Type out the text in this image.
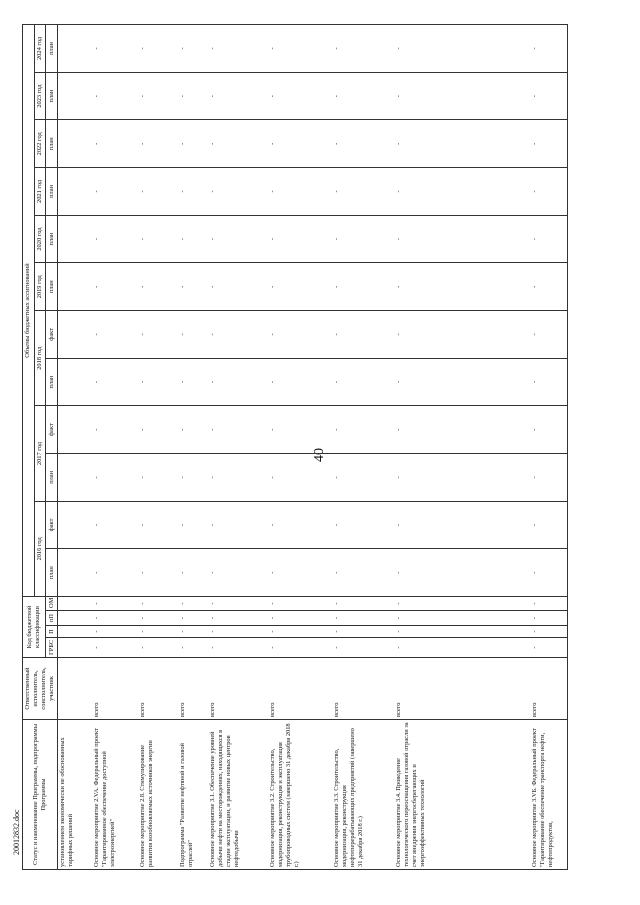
40
20012832.doc Статус и наименование Программы, подпрограммы Программы	Ответственный исполнитель, соисполнитель, участник	Код бюджетной классификации				Объемы бюджетных ассигнований											
						2016 год		2017 год		2018 год		2019 год	2020 год	2021 год	2022 год	2023 год	2024 год
		ГРБС	П	пП	ОМ	план	факт	план	факт	план	факт	план	план	план	план	план	план
установлением экономически не обоснованных тарифных решений																	
Основное мероприятие 2.VA. Федеральный проект "Гарантированное обеспечение доступной электроэнергией"	всего	-	-	-	-	-	-	-	-	-	-	-	-	-	-	-	-
Основное мероприятие 2.8. Стимулирование развития возобновляемых источников энергии	всего	-	-	-	-	-	-	-	-	-	-	-	-	-	-	-	-
Подпрограмма "Развитие нефтяной и газовой отраслей"	всего	-	-	-	-	-	-	-	-	-	-	-	-	-	-	-	-
Основное мероприятие 3.1. Обеспечение уровней добычи нефти на месторождениях, находящихся в стадии эксплуатации, и развитие новых центров нефтедобычи	всего	-	-	-	-	-	-	-	-	-	-	-	-	-	-	-	-
Основное мероприятие 3.2. Строительство, модернизация, реконструкция и эксплуатация трубопроводных систем (завершено 31 декабря 2018 г.)	всего	-	-	-	-	-	-	-	-	-	-	-	-	-	-	-	-
Основное мероприятие 3.3. Строительство, модернизация, реконструкция нефтеперерабатывающих предприятий (завершено 31 декабря 2018 г.)	всего	-	-	-	-	-	-	-	-	-	-	-	-	-	-	-	-
Основное мероприятие 3.4. Проведение технологического переоснащения газовой отрасли за счет внедрения энергосберегающих и энергоэффективных технологий	всего	-	-	-	-	-	-	-	-	-	-	-	-	-	-	-	-

Основное мероприятие 3.VБ. Федеральный проект "Гарантирование обеспечение транспорта нефти, нефтепродуктов,	всего	-	-	-	-	-	-	-	-	-	-	-	-	-	-	-	-
